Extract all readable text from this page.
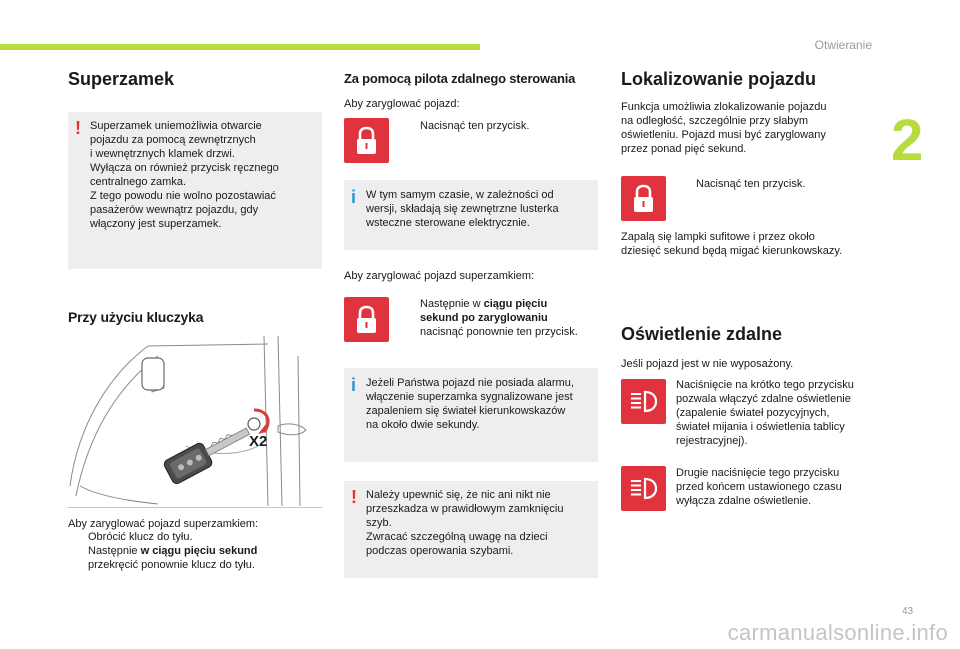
Otwieranie
2
43
carmanualsonline.info
Superzamek
! Superzamek uniemożliwia otwarcie
pojazdu za pomocą zewnętrznych
i wewnętrznych klamek drzwi.
Wyłącza on również przycisk ręcznego
centralnego zamka.
Z tego powodu nie wolno pozostawiać
pasażerów wewnątrz pojazdu, gdy
włączony jest superzamek.
Przy użyciu kluczyka
X2
Aby zaryglować pojazd superzamkiem:
Obrócić klucz do tyłu.
Następnie w ciągu pięciu sekund
przekręcić ponownie klucz do tyłu.
Za pomocą pilota zdalnego sterowania
Aby zaryglować pojazd:
Nacisnąć ten przycisk.
i W tym samym czasie, w zależności od
wersji, składają się zewnętrzne lusterka
wsteczne sterowane elektrycznie.
Aby zaryglować pojazd superzamkiem:
Następnie w ciągu pięciu
sekund po zaryglowaniu
nacisnąć ponownie ten przycisk.
i Jeżeli Państwa pojazd nie posiada alarmu,
włączenie superzamka sygnalizowane jest
zapaleniem się świateł kierunkowskazów
na około dwie sekundy.
! Należy upewnić się, że nic ani nikt nie
przeszkadza w prawidłowym zamknięciu
szyb.
Zwracać szczególną uwagę na dzieci
podczas operowania szybami.
Lokalizowanie pojazdu
Funkcja umożliwia zlokalizowanie pojazdu
na odległość, szczególnie przy słabym
oświetleniu. Pojazd musi być zaryglowany
przez ponad pięć sekund.
Nacisnąć ten przycisk.
Zapalą się lampki sufitowe i przez około
dziesięć sekund będą migać kierunkowskazy.
Oświetlenie zdalne
Jeśli pojazd jest w nie wyposażony.
Naciśnięcie na krótko tego przycisku
pozwala włączyć zdalne oświetlenie
(zapalenie świateł pozycyjnych,
świateł mijania i oświetlenia tablicy
rejestracyjnej).
Drugie naciśnięcie tego przycisku
przed końcem ustawionego czasu
wyłącza zdalne oświetlenie.
